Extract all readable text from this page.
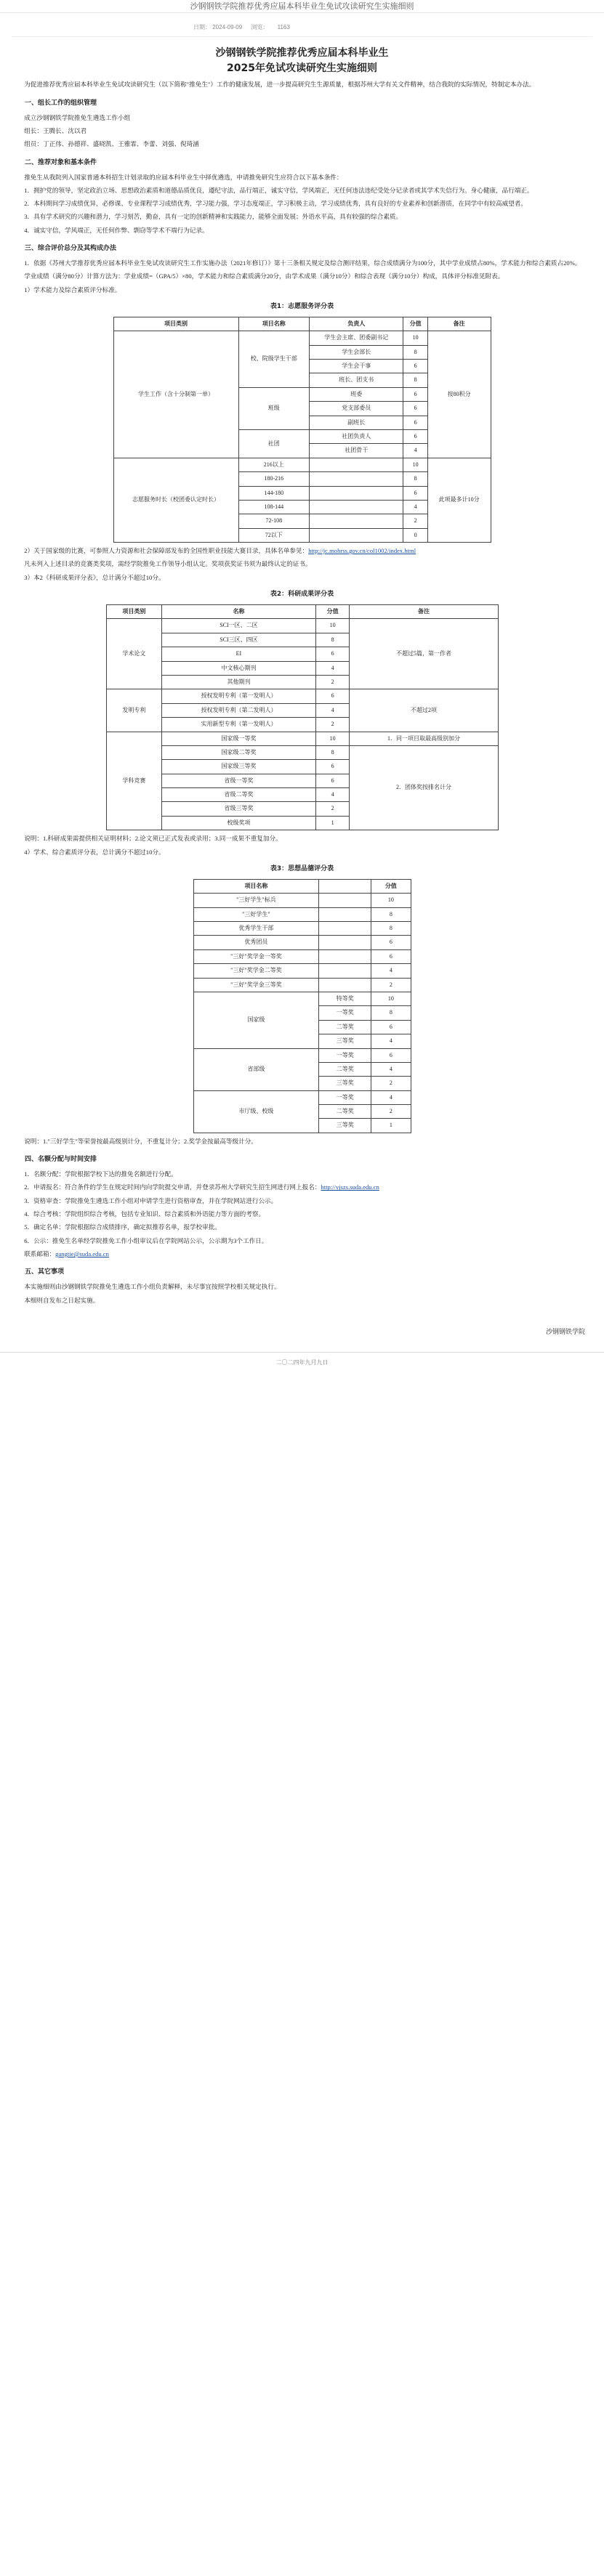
沙钢钢铁学院推荐优秀应届本科毕业生免试攻读研究生实施细则
日期： 2024-09-09 浏览： 1163
沙钢钢铁学院推荐优秀应届本科毕业生
2025年免试攻读研究生实施细则

为促进推荐优秀应届本科毕业生免试攻读研究生（以下简称"推免生"）工作的健康发展，进一步提高研究生生源质量，根据苏州大学有关文件精神，结合我院的实际情况，特制定本办法。

一、组长工作的组织管理

成立沙钢钢铁学院推免生遴选工作小组

组长：王腾长、沈以君

组员：丁正伟、孙德祥、盛晓凯、王雅霏、李蕾、刘强、倪琦涵

二、推荐对象和基本条件

推免生从我院列入国家普通本科招生计划录取的应届本科毕业生中择优遴选，申请推免研究生应符合以下基本条件：

1．拥护党的领导，坚定政治立场、思想政治素质和道德品质优良，遵纪守法，品行端正，诚实守信，学风端正，无任何违法违纪受处分记录者或其学术失信行为。身心健康，品行端正。

2．本科期间学习成绩优异，必修课、专业课程学习成绩优秀，学习能力强，学习态度端正，学习积极主动，学习成绩优秀，具有良好的专业素养和创新潜质，在同学中有较高威望者。

3．具有学术研究的兴趣和潜力，学习刻苦，勤奋，具有一定的创新精神和实践能力，能够全面发展；外语水平高，具有较强的综合素质。

4．诚实守信，学风端正，无任何作弊、剽窃等学术不端行为记录。

三、综合评价总分及其构成办法

1．依据《苏州大学推荐优秀应届本科毕业生免试攻读研究生工作实施办法（2021年修订）》第十三条相关规定及综合测评结果，综合成绩满分为100分，其中学业成绩占80%，学术能力和综合素质占20%。

学业成绩（满分80分）计算方法为：学业成绩=（GPA/5）×80，学术能力和综合素质满分20分，由学术成果（满分10分）和综合表现（满分10分）构成，具体评分标准见附表。

1）学术能力及综合素质评分标准。

表1：志愿服务评分表
项目类别	项目名称	负责人	分值	备注
学生工作（含十分制第一单）	校、院级学生干部	学生会主席、团委副书记	10	按80积分
		学生会部长	8	
		学生会干事	6	
		班长、团支书	8	
	班级	班委	6	
		党支部委员	6	
		副班长	6	
	社团	社团负责人	6	
		社团骨干	4	
志愿服务时长（校团委认定时长）	216以上		10	此项最多计10分
	180-216		8	
	144-180		6	
	108-144		4	
	72-108		2	
	72以下		0	

2）关于国家级的比赛，可参照人力资源和社会保障部发布的全国性职业技能大赛目录，具体名单参见：http://jc.mohrss.gov.cn/col1002/index.html

凡未列入上述目录的竞赛类奖项，需经学院推免工作领导小组认定。奖项获奖证书须为最终认定的证书。

3）本2《科研成果评分表》，总计满分不超过10分。

表2：科研成果评分表
项目类别	名称	分值	备注
学术论文	SCI一区、二区	10	不超过5篇，第一作者
	SCI三区、四区	8	
	EI	6	
	中文核心期刊	4	
	其他期刊	2	
发明专利	授权发明专利（第一发明人）	6	不超过2项
	授权发明专利（第二发明人）	4	
	实用新型专利（第一发明人）	2	
学科竞赛	国家级一等奖	10	1．同一项目取最高级别加分
	国家级二等奖	8	2．团体奖按排名计分
	国家级三等奖	6	
	省级一等奖	6	
	省级二等奖	4	
	省级三等奖	2	
	校级奖项	1	

说明：1.科研成果需提供相关证明材料；2.论文须已正式发表或录用；3.同一成果不重复加分。

4）学术、综合素质评分表，总计满分不超过10分。

表3：思想品德评分表
项目名称		分值
"三好学生"标兵		10
"三好学生"		8
优秀学生干部		8
优秀团员		6
"三好"奖学金一等奖		6
"三好"奖学金二等奖		4
"三好"奖学金三等奖		2
国家级	特等奖	10
	一等奖	8
	二等奖	6
	三等奖	4
省部级	一等奖	6
	二等奖	4
	三等奖	2
市厅级、校级	一等奖	4
	二等奖	2
	三等奖	1

说明：1."三好学生"等荣誉按最高级别计分，不重复计分；2.奖学金按最高等级计分。

四、名额分配与时间安排

1．名额分配：学院根据学校下达的推免名额进行分配。

2．申请报名：符合条件的学生在规定时间内向学院提交申请，并登录苏州大学研究生招生网进行网上报名：http://yjszs.suda.edu.cn

3．资格审查：学院推免生遴选工作小组对申请学生进行资格审查，并在学院网站进行公示。

4．综合考核：学院组织综合考核，包括专业知识、综合素质和外语能力等方面的考察。

5．确定名单：学院根据综合成绩排序，确定拟推荐名单，报学校审批。

6．公示：推免生名单经学院推免工作小组审议后在学院网站公示，公示期为3个工作日。

联系邮箱：gangtie@suda.edu.cn

五、其它事项

本实施细则由沙钢钢铁学院推免生遴选工作小组负责解释，未尽事宜按照学校相关规定执行。

本细则自发布之日起实施。

沙钢钢铁学院
二〇二四年九月九日
